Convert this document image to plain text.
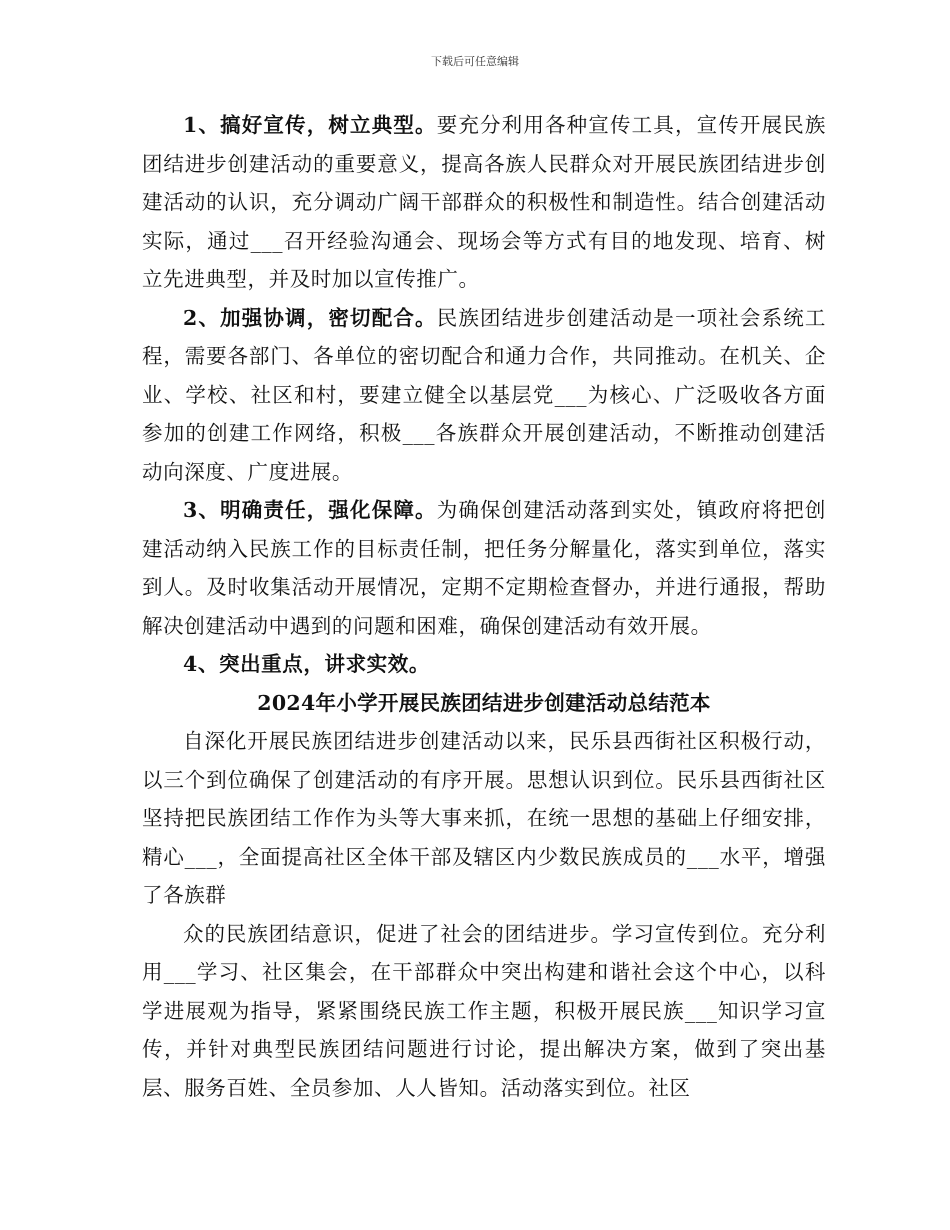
下载后可任意编辑

1、搞好宣传，树立典型。要充分利用各种宣传工具，宣传开展民族团结进步创建活动的重要意义，提高各族人民群众对开展民族团结进步创建活动的认识，充分调动广阔干部群众的积极性和制造性。结合创建活动实际，通过___召开经验沟通会、现场会等方式有目的地发现、培育、树立先进典型，并及时加以宣传推广。

2、加强协调，密切配合。民族团结进步创建活动是一项社会系统工程，需要各部门、各单位的密切配合和通力合作，共同推动。在机关、企业、学校、社区和村，要建立健全以基层党___为核心、广泛吸收各方面参加的创建工作网络，积极___各族群众开展创建活动，不断推动创建活动向深度、广度进展。

3、明确责任，强化保障。为确保创建活动落到实处，镇政府将把创建活动纳入民族工作的目标责任制，把任务分解量化，落实到单位，落实到人。及时收集活动开展情况，定期不定期检查督办，并进行通报，帮助解决创建活动中遇到的问题和困难，确保创建活动有效开展。

4、突出重点，讲求实效。

2024年小学开展民族团结进步创建活动总结范本

自深化开展民族团结进步创建活动以来，民乐县西街社区积极行动，以三个到位确保了创建活动的有序开展。思想认识到位。民乐县西街社区坚持把民族团结工作作为头等大事来抓，在统一思想的基础上仔细安排，精心___，全面提高社区全体干部及辖区内少数民族成员的___水平，增强了各族群

众的民族团结意识，促进了社会的团结进步。学习宣传到位。充分利用___学习、社区集会，在干部群众中突出构建和谐社会这个中心，以科学进展观为指导，紧紧围绕民族工作主题，积极开展民族___知识学习宣传，并针对典型民族团结问题进行讨论，提出解决方案，做到了突出基层、服务百姓、全员参加、人人皆知。活动落实到位。社区
